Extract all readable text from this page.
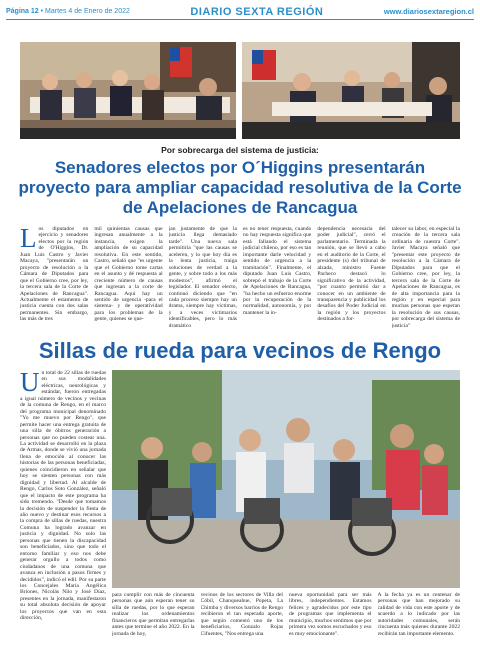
Página 12 • Martes 4 de Enero de 2022	DIARIO SEXTA REGIÓN	www.diariosextaregion.cl
Por sobrecarga del sistema de justicia:
Senadores electos por O´Higgins presentarán proyecto para ampliar capacidad resolutiva de la Corte de Apelaciones de Rancagua
L os diputados en ejercicio y senadores electos por la región de O'Higgins, Dr. Juan Luis Castro y Javier Macaya, "presentarán un proyecto de resolución a la Cámara de Diputados para que el Gobierno cree, por ley, la tercera sala de la Corte de Apelaciones de Rancagua". Actualmente el estamento de justicia cuenta con dos salas permanentes. Sin embargo, las más de tres
mil quinientas causas que ingresan anualmente a la instancia, exigen la ampliación de su capacidad resolutiva. En este sentido, Castro, señaló que "es urgente que el Gobierno tome cartas en el asunto y dé respuesta al creciente número de causas que ingresan a la corte de Rancagua. Aquí hay un sentido de urgencia -para el sistema- y de operatividad para los problemas de la gente, quienes se que-
jan justamente de que la justicia llega demasiado tarde". Una nueva sala permitiría "que las causas se aceleren, y lo que hoy día es la lenta justicia, traiga soluciones de verdad a la gente, y sobre todo a los más modestos", afirmó el legislador. El senador electo, continuó diciendo que "en cada proceso siempre hay un drama, siempre hay víctimas, y a veces victimarios identificables, pero lo más dramático
es no tener respuesta, cuando no hay respuesta significa que está fallando el sistema judicial chileno, por eso es tan importante darle velocidad y sentido de urgencia a la tramitación". Finalmente, el diputado Juan Luis Castro, sobrepó el trabajo de la Corte de Apelaciones de Rancagua, "ha hecho un esfuerzo enorme por la recuperación de la normalidad, autonomía, y por mantener la in-
dependencia necesaria del poder judicial", cerró el parlamentario. Terminada la reunión, que se llevó a cabo en el auditorio de la Corte, el presidente (s) del tribunal de alzada, ministro Fuente Pacheco destacó lo significativo de la actividad, "por cuanto permitió dar a conocer en un ambiente de transparencia y publicidad los desafíos del Poder Judicial en la región y los proyectos destinados a for-
talecer su labor, en especial la creación de la tercera sala ordinaria de nuestra Corte". Javier Macaya señaló que "presentar este proyecto de resolución a la Cámara de Diputados para que el Gobierno cree, por ley, la tercera sala de la Corte de Apelaciones de Rancagua, es de alta importancia para la región y en especial para muchas personas que esperan la resolución de sus causas, por sobrecarga del sistema de justicia"
Sillas de rueda para vecinos de Rengo
U n total de 22 sillas de ruedas en sus modalidades eléctricas, neurológicas y estándar, fueron entregadas a igual número de vecinos y vecinas de la comuna de Rengo, en el marco del programa municipal denominado "Yo me muevo por Rengo", que permite hacer una entrega gratuita de una silla de óbitros generación a personas que no pueden costear una. La actividad se desarrolló en la plaza de Armas, donde se vivió una jornada llena de emoción al conocer las historias de las personas beneficiadas, quienes coincidieron en señalar que hoy se sienten personas con más dignidad y libertad. Al alcalde de Rengo, Carlos Soto González, señaló que el impacto de este programa ha sido tremendo. "Desde que tomamos la decisión de suspender la fiesta de año nuevo y destinar esos recursos a la compra de sillas de ruedas, nuestra Comuna ha logrado avanzar en justicia y dignidad. No solo las personas que tienen la discapacidad son beneficiados, sino que todo el entorno familiar y eso nos debe generar orgullo a todos como ciudadanos de una comuna que avanza en inclusión a pasos firmes y decididos", indicó el edil. Por su parte los Concejales María Angélica Briones, Nicolás Nilo y José Díaz, presentes en la jornada, manifestaron su total absoluta decisión de apoyar los proyectos que van en esta dirección,
para cumplir con más de cincuenta personas que aún esperan tener su silla de ruedas, por lo que esperan realizar los ordenamientos financieros que permitan entregarlas antes que termine el año 2022. En la jornada de hoy,
vecinos de los sectores de Villa del Cóbil, Chanqueahue, Popeta, La Chimba y diversos barrios de Rengo recibieron el tan esperado aporte, que según comentó uno de los beneficiarios, Gonzalo Rojas Cifuentes, "Nos entrega una
nueva oportunidad para ser más libres, independientes. Estamos felices y agradecidos por este tipo de programas que implementa el municipio, muchos sentimos que por primera vez somos escuchados y eso es muy emocionante".
A la fecha ya es un centenar de personas que han mejorado su calidad de vida con este aporte y de acuerdo a lo indicado por las autoridades comunales, serán cincuenta más quienes durante 2022 recibirán tan importante elemento.
